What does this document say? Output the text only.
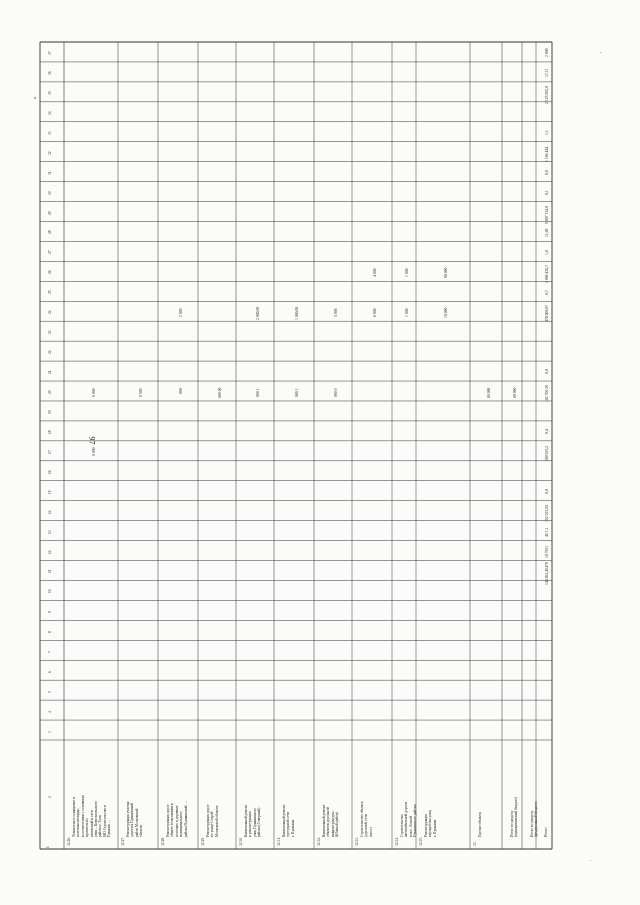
97
1
2
3
4
5
6
7
8
9
10
11
12
13
14
15
16
17
18
19
20
21
22
23
24
25
26
27
28
29
30
31
32
33
34
35
36
37
32.26.
Техническое оснащение и полезная площадь, в соответствии с основным проектом по изменений в сети улиц – Комсомольского района г. Тула, МО Строительство в Пушкин …
0 000
0 000
32.27.
Реконструкция участка дороги в Пушкинский район Московской области
0 500
32.28.
Реконструкция дорог общего пользования в поселках и деревнях муниципального района Пушкинский …
000
2 000
32.29.
Реконструкция дорог по улице Старой Московской области
000 00
32.30.
Капитальный ремонт и реконструкция улиц Пушкинского района (Северный)
000 1
2 000,00
32.31.
Капитальный ремонт тротуарной сети г. Пушкина
000 1
1 000,00
32.32.
Капитальный ремонт объектов дорожной инфраструктуры (Южный район)
000 0
3 000
32.33.
Строительство объекта дорожной сети (мост)
0 000
4 000
32.34.
Строительство автомобильной дороги в пос. Лесной Пушкинского района
1 000
1 000
32.35.
Реконструкция перекрёстка улиц г. Пушкина
10 000
00 000
33.
Прочие объекты
00 000
Итого по разделу (муниципальный бюджет)
00 000
Итого по разделу (федеральный бюджет) Итого:
144 052,45479
10 7011
45 1,1
152 015,55
0,0
200 015,2
0,4
102 700 20
0,0
478 000,07
0,7
1 006 435,7
1,0
11,00
5 007 134,0
0,1
0,0
1 166 444
1,1
2 125 055,0
17,11
2 000
